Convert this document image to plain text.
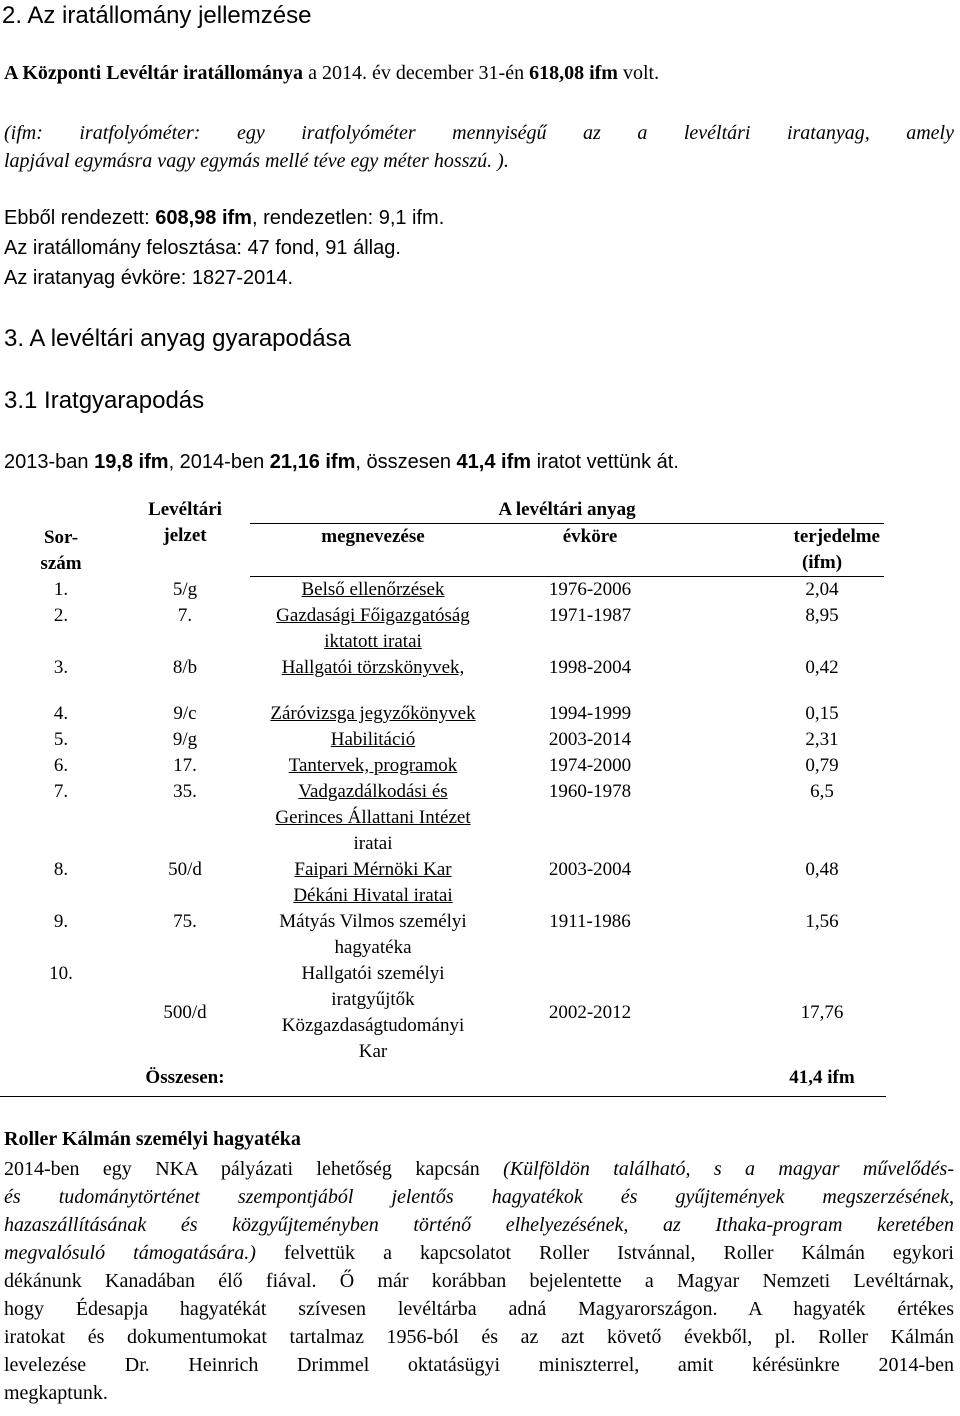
2. Az iratállomány jellemzése
A Központi Levéltár iratállománya a 2014. év december 31-én 618,08 ifm volt.
(ifm: iratfolyóméter: egy iratfolyóméter mennyiségű az a levéltári iratanyag, amely
lapjával egymásra vagy egymás mellé téve egy méter hosszú. ).
Ebből rendezett: 608,98 ifm, rendezetlen: 9,1 ifm.
Az iratállomány felosztása: 47 fond, 91 állag.
Az iratanyag évköre: 1827-2014.
3. A levéltári anyag gyarapodása
3.1 Iratgyarapodás
2013-ban 19,8 ifm, 2014-ben 21,16 ifm, összesen 41,4 ifm iratot vettünk át.
Sor-
szám	Levéltári
jelzet	A levéltári anyag		
		megnevezése	évköre	terjedelme
				(ifm)
1.	5/g	Belső ellenőrzések	1976-2006	2,04
2.	7.	Gazdasági Főigazgatóság
iktatott iratai	1971-1987	8,95
3.	8/b	Hallgatói törzskönyvek,	1998-2004	0,42

4.	9/c	Záróvizsga jegyzőkönyvek	1994-1999	0,15
5.	9/g	Habilitáció	2003-2014	2,31
6.	17.	Tantervek, programok	1974-2000	0,79
7.	35.	Vadgazdálkodási és
Gerinces Állattani Intézet
iratai	1960-1978	6,5
8.	50/d	Faipari Mérnöki Kar
Dékáni Hivatal iratai	2003-2004	0,48
9.	75.	Mátyás Vilmos személyi
hagyatéka	1911-1986	1,56
10.	500/d	Hallgatói személyi
iratgyűjtők
Közgazdaságtudományi
Kar	2002-2012	17,76
	Összesen:			41,4 ifm
Roller Kálmán személyi hagyatéka
2014-ben egy NKA pályázati lehetőség kapcsán (Külföldön található, s a magyar művelődés-
és tudománytörténet szempontjából jelentős hagyatékok és gyűjtemények megszerzésének,
hazaszállításának és közgyűjteményben történő elhelyezésének, az Ithaka-program keretében
megvalósuló támogatására.) felvettük a kapcsolatot Roller Istvánnal, Roller Kálmán egykori
dékánunk Kanadában élő fiával. Ő már korábban bejelentette a Magyar Nemzeti Levéltárnak,
hogy Édesapja hagyatékát szívesen levéltárba adná Magyarországon. A hagyaték értékes
iratokat és dokumentumokat tartalmaz 1956-ból és az azt követő évekből, pl. Roller Kálmán
levelezése Dr. Heinrich Drimmel oktatásügyi miniszterrel, amit kérésünkre 2014-ben
megkaptunk.
